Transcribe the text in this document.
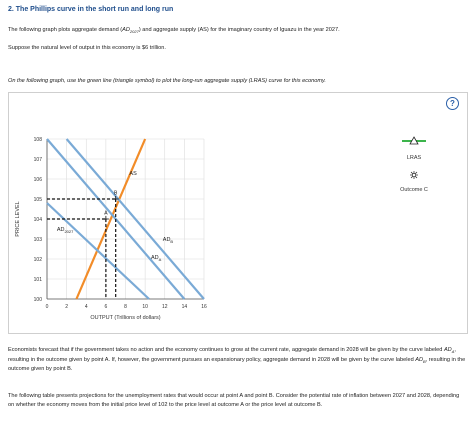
2. The Phillips curve in the short run and long run
The following graph plots aggregate demand $(AD_{2027})$ and aggregate supply (AS) for the imaginary country of Iguazu in the year 2027.
Suppose the natural level of output in this economy is $6 trillion.
On the following graph, use the green line (triangle symbol) to plot the long-run aggregate supply (LRAS) curve for this economy.
?
100
101
102
103
104
105
106
107
108
0	2	4	6	8	10	12	14	16
A
B
AS
$AD_{2027}$
$AD_A$
$AD_B$
PRICE LEVEL
OUTPUT (Trillions of dollars)
LRAS
Outcome C
Economists forecast that if the government takes no action and the economy continues to grow at the current rate, aggregate demand in 2028 will be given by the curve labeled $AD_A$, resulting in the outcome given by point A. If, however, the government pursues an expansionary policy, aggregate demand in 2028 will be given by the curve labeled $AD_B$, resulting in the outcome given by point B.
The following table presents projections for the unemployment rates that would occur at point A and point B. Consider the potential rate of inflation between 2027 and 2028, depending on whether the economy moves from the initial price level of 102 to the price level at outcome A or the price level at outcome B.
